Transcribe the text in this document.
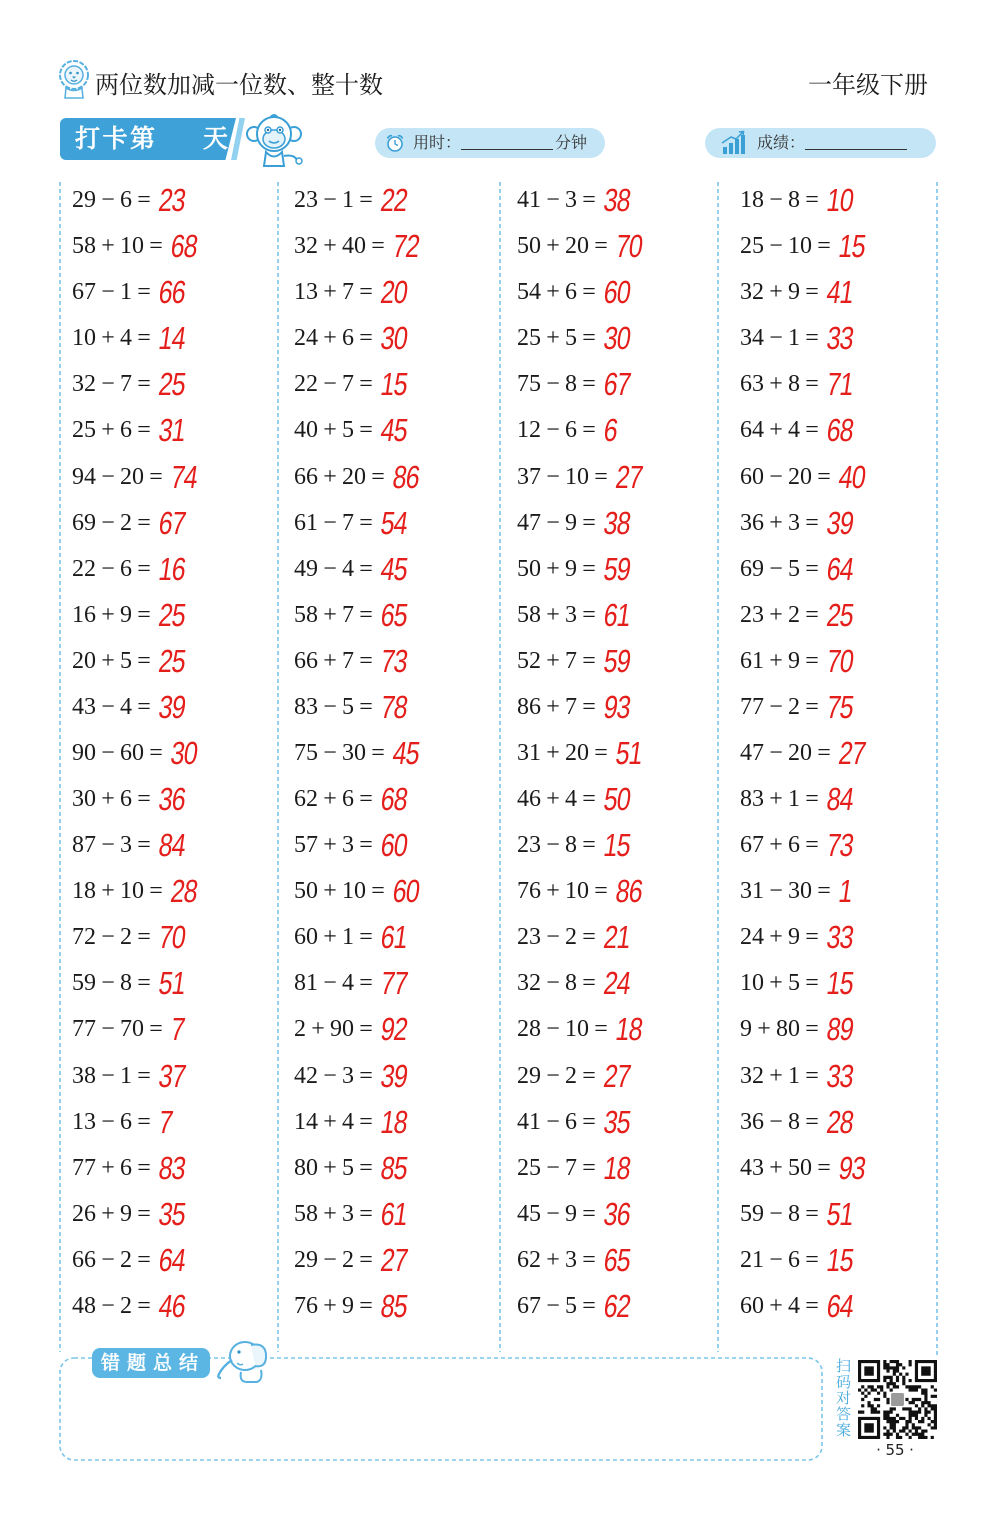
两位数加减一位数、整十数	一年级下册
打卡第 天	用时：	分钟	成绩：
错题总结	扫码对答案
· 55 ·
29 − 6 = 23
58 + 10 = 68
67 − 1 = 66
10 + 4 = 14
32 − 7 = 25
25 + 6 = 31
94 − 20 = 74
69 − 2 = 67
22 − 6 = 16
16 + 9 = 25
20 + 5 = 25
43 − 4 = 39
90 − 60 = 30
30 + 6 = 36
87 − 3 = 84
18 + 10 = 28
72 − 2 = 70
59 − 8 = 51
77 − 70 = 7
38 − 1 = 37
13 − 6 = 7
77 + 6 = 83
26 + 9 = 35
66 − 2 = 64
48 − 2 = 46
23 − 1 = 22
32 + 40 = 72
13 + 7 = 20
24 + 6 = 30
22 − 7 = 15
40 + 5 = 45
66 + 20 = 86
61 − 7 = 54
49 − 4 = 45
58 + 7 = 65
66 + 7 = 73
83 − 5 = 78
75 − 30 = 45
62 + 6 = 68
57 + 3 = 60
50 + 10 = 60
60 + 1 = 61
81 − 4 = 77
2 + 90 = 92
42 − 3 = 39
14 + 4 = 18
80 + 5 = 85
58 + 3 = 61
29 − 2 = 27
76 + 9 = 85
41 − 3 = 38
50 + 20 = 70
54 + 6 = 60
25 + 5 = 30
75 − 8 = 67
12 − 6 = 6
37 − 10 = 27
47 − 9 = 38
50 + 9 = 59
58 + 3 = 61
52 + 7 = 59
86 + 7 = 93
31 + 20 = 51
46 + 4 = 50
23 − 8 = 15
76 + 10 = 86
23 − 2 = 21
32 − 8 = 24
28 − 10 = 18
29 − 2 = 27
41 − 6 = 35
25 − 7 = 18
45 − 9 = 36
62 + 3 = 65
67 − 5 = 62
18 − 8 = 10
25 − 10 = 15
32 + 9 = 41
34 − 1 = 33
63 + 8 = 71
64 + 4 = 68
60 − 20 = 40
36 + 3 = 39
69 − 5 = 64
23 + 2 = 25
61 + 9 = 70
77 − 2 = 75
47 − 20 = 27
83 + 1 = 84
67 + 6 = 73
31 − 30 = 1
24 + 9 = 33
10 + 5 = 15
9 + 80 = 89
32 + 1 = 33
36 − 8 = 28
43 + 50 = 93
59 − 8 = 51
21 − 6 = 15
60 + 4 = 64
